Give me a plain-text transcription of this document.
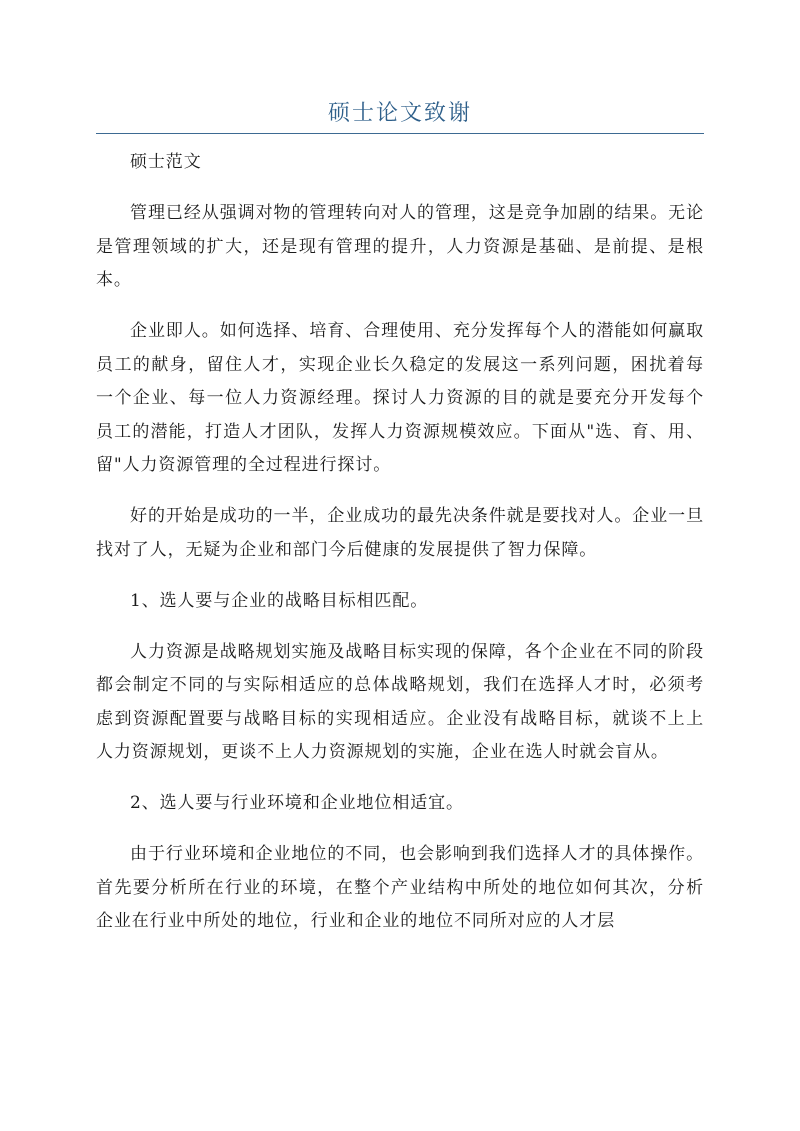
硕士论文致谢

硕士范文

管理已经从强调对物的管理转向对人的管理，这是竞争加剧的结果。无论是管理领域的扩大，还是现有管理的提升，人力资源是基础、是前提、是根本。

企业即人。如何选择、培育、合理使用、充分发挥每个人的潜能如何赢取员工的献身，留住人才，实现企业长久稳定的发展这一系列问题，困扰着每一个企业、每一位人力资源经理。探讨人力资源的目的就是要充分开发每个员工的潜能，打造人才团队，发挥人力资源规模效应。下面从"选、育、用、留"人力资源管理的全过程进行探讨。

好的开始是成功的一半，企业成功的最先决条件就是要找对人。企业一旦找对了人，无疑为企业和部门今后健康的发展提供了智力保障。

1、选人要与企业的战略目标相匹配。

人力资源是战略规划实施及战略目标实现的保障，各个企业在不同的阶段都会制定不同的与实际相适应的总体战略规划，我们在选择人才时，必须考虑到资源配置要与战略目标的实现相适应。企业没有战略目标，就谈不上上人力资源规划，更谈不上人力资源规划的实施，企业在选人时就会盲从。

2、选人要与行业环境和企业地位相适宜。

由于行业环境和企业地位的不同，也会影响到我们选择人才的具体操作。首先要分析所在行业的环境，在整个产业结构中所处的地位如何其次，分析企业在行业中所处的地位，行业和企业的地位不同所对应的人才层
